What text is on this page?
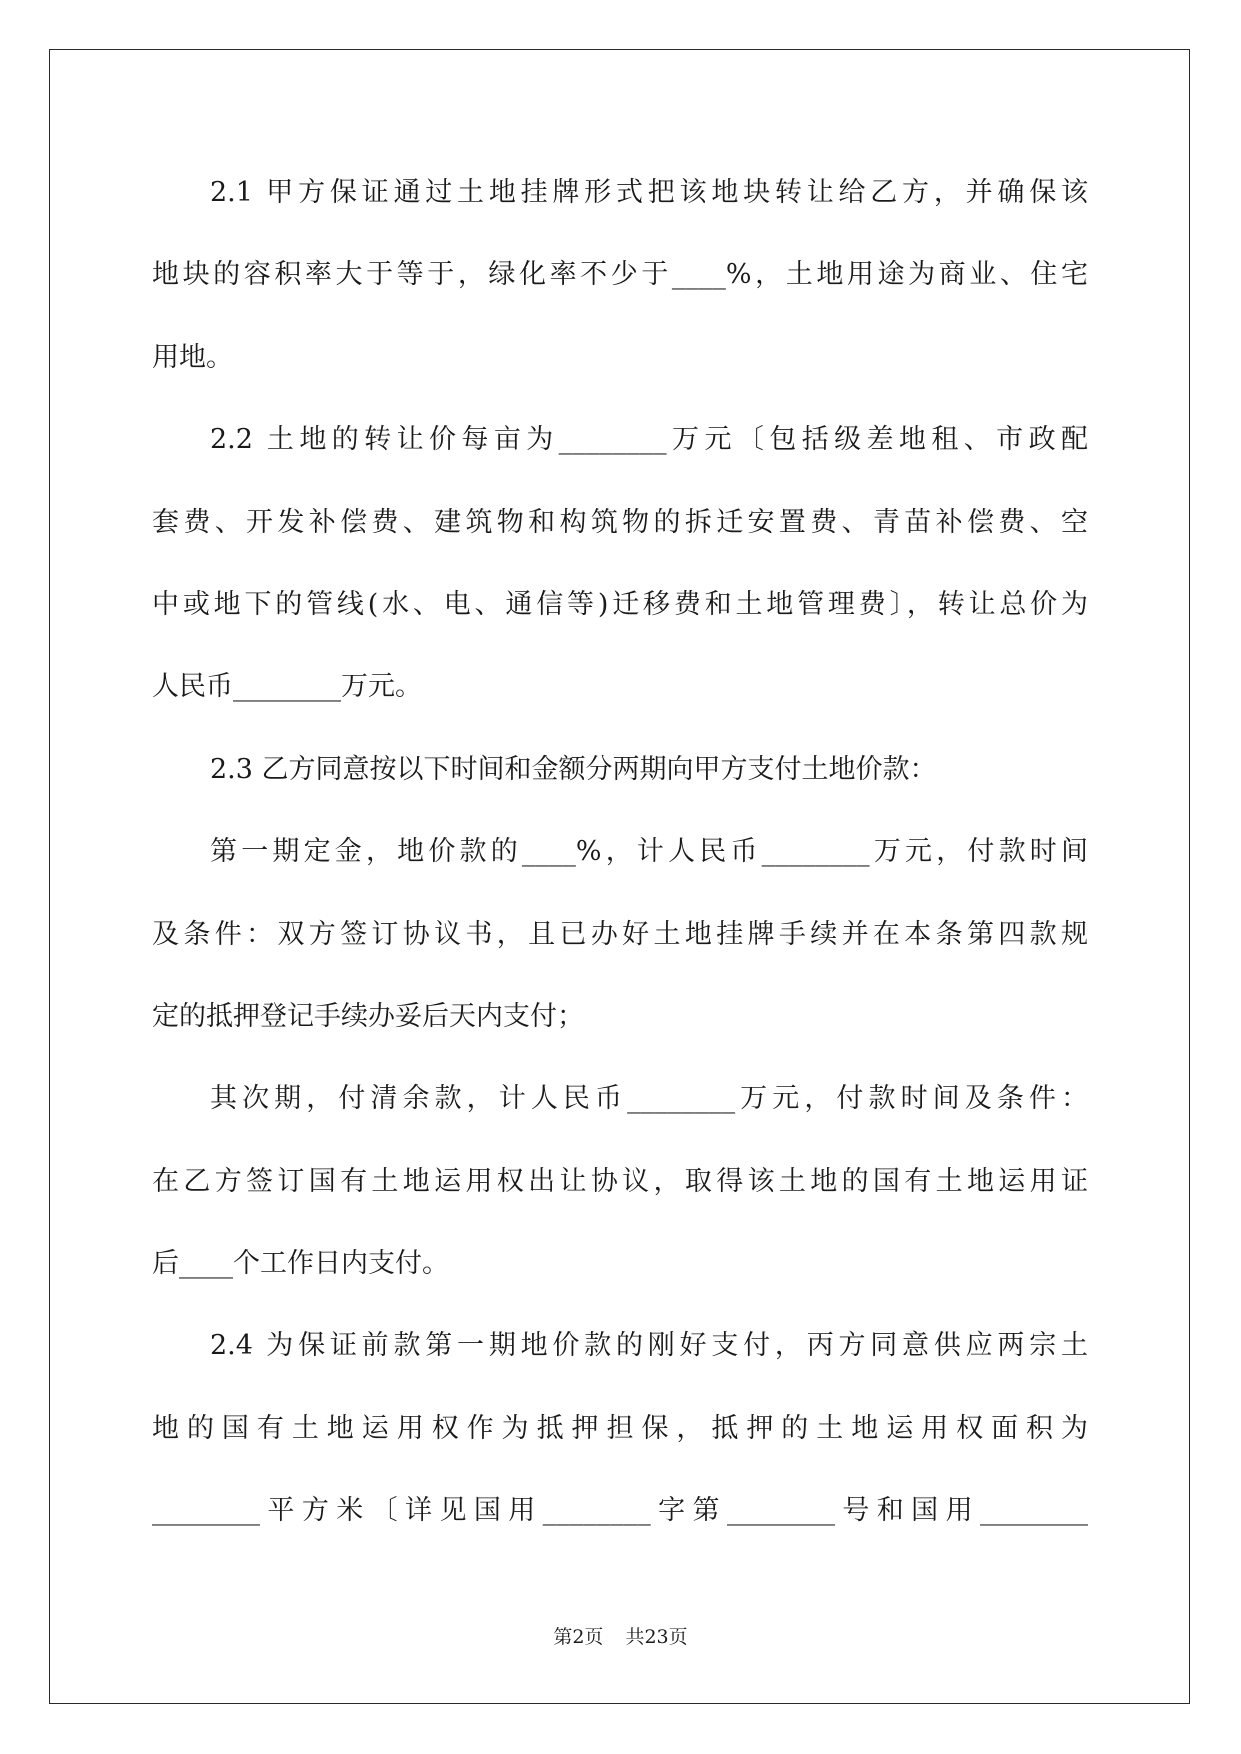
2.1 甲方保证通过土地挂牌形式把该地块转让给乙方，并确保该
地块的容积率大于等于，绿化率不少于____%，土地用途为商业、住宅
用地。
2.2 土地的转让价每亩为________万元〔包括级差地租、市政配
套费、开发补偿费、建筑物和构筑物的拆迁安置费、青苗补偿费、空
中或地下的管线(水、电、通信等)迁移费和土地管理费〕，转让总价为
人民币________万元。
2.3 乙方同意按以下时间和金额分两期向甲方支付土地价款：
第一期定金，地价款的____%，计人民币________万元，付款时间
及条件：双方签订协议书，且已办好土地挂牌手续并在本条第四款规
定的抵押登记手续办妥后天内支付；
其次期，付清余款，计人民币________万元，付款时间及条件：
在乙方签订国有土地运用权出让协议，取得该土地的国有土地运用证
后____个工作日内支付。
2.4 为保证前款第一期地价款的刚好支付，丙方同意供应两宗土
地的国有土地运用权作为抵押担保，抵押的土地运用权面积为
________平方米〔详见国用________字第________号和国用________
第2页 共23页
